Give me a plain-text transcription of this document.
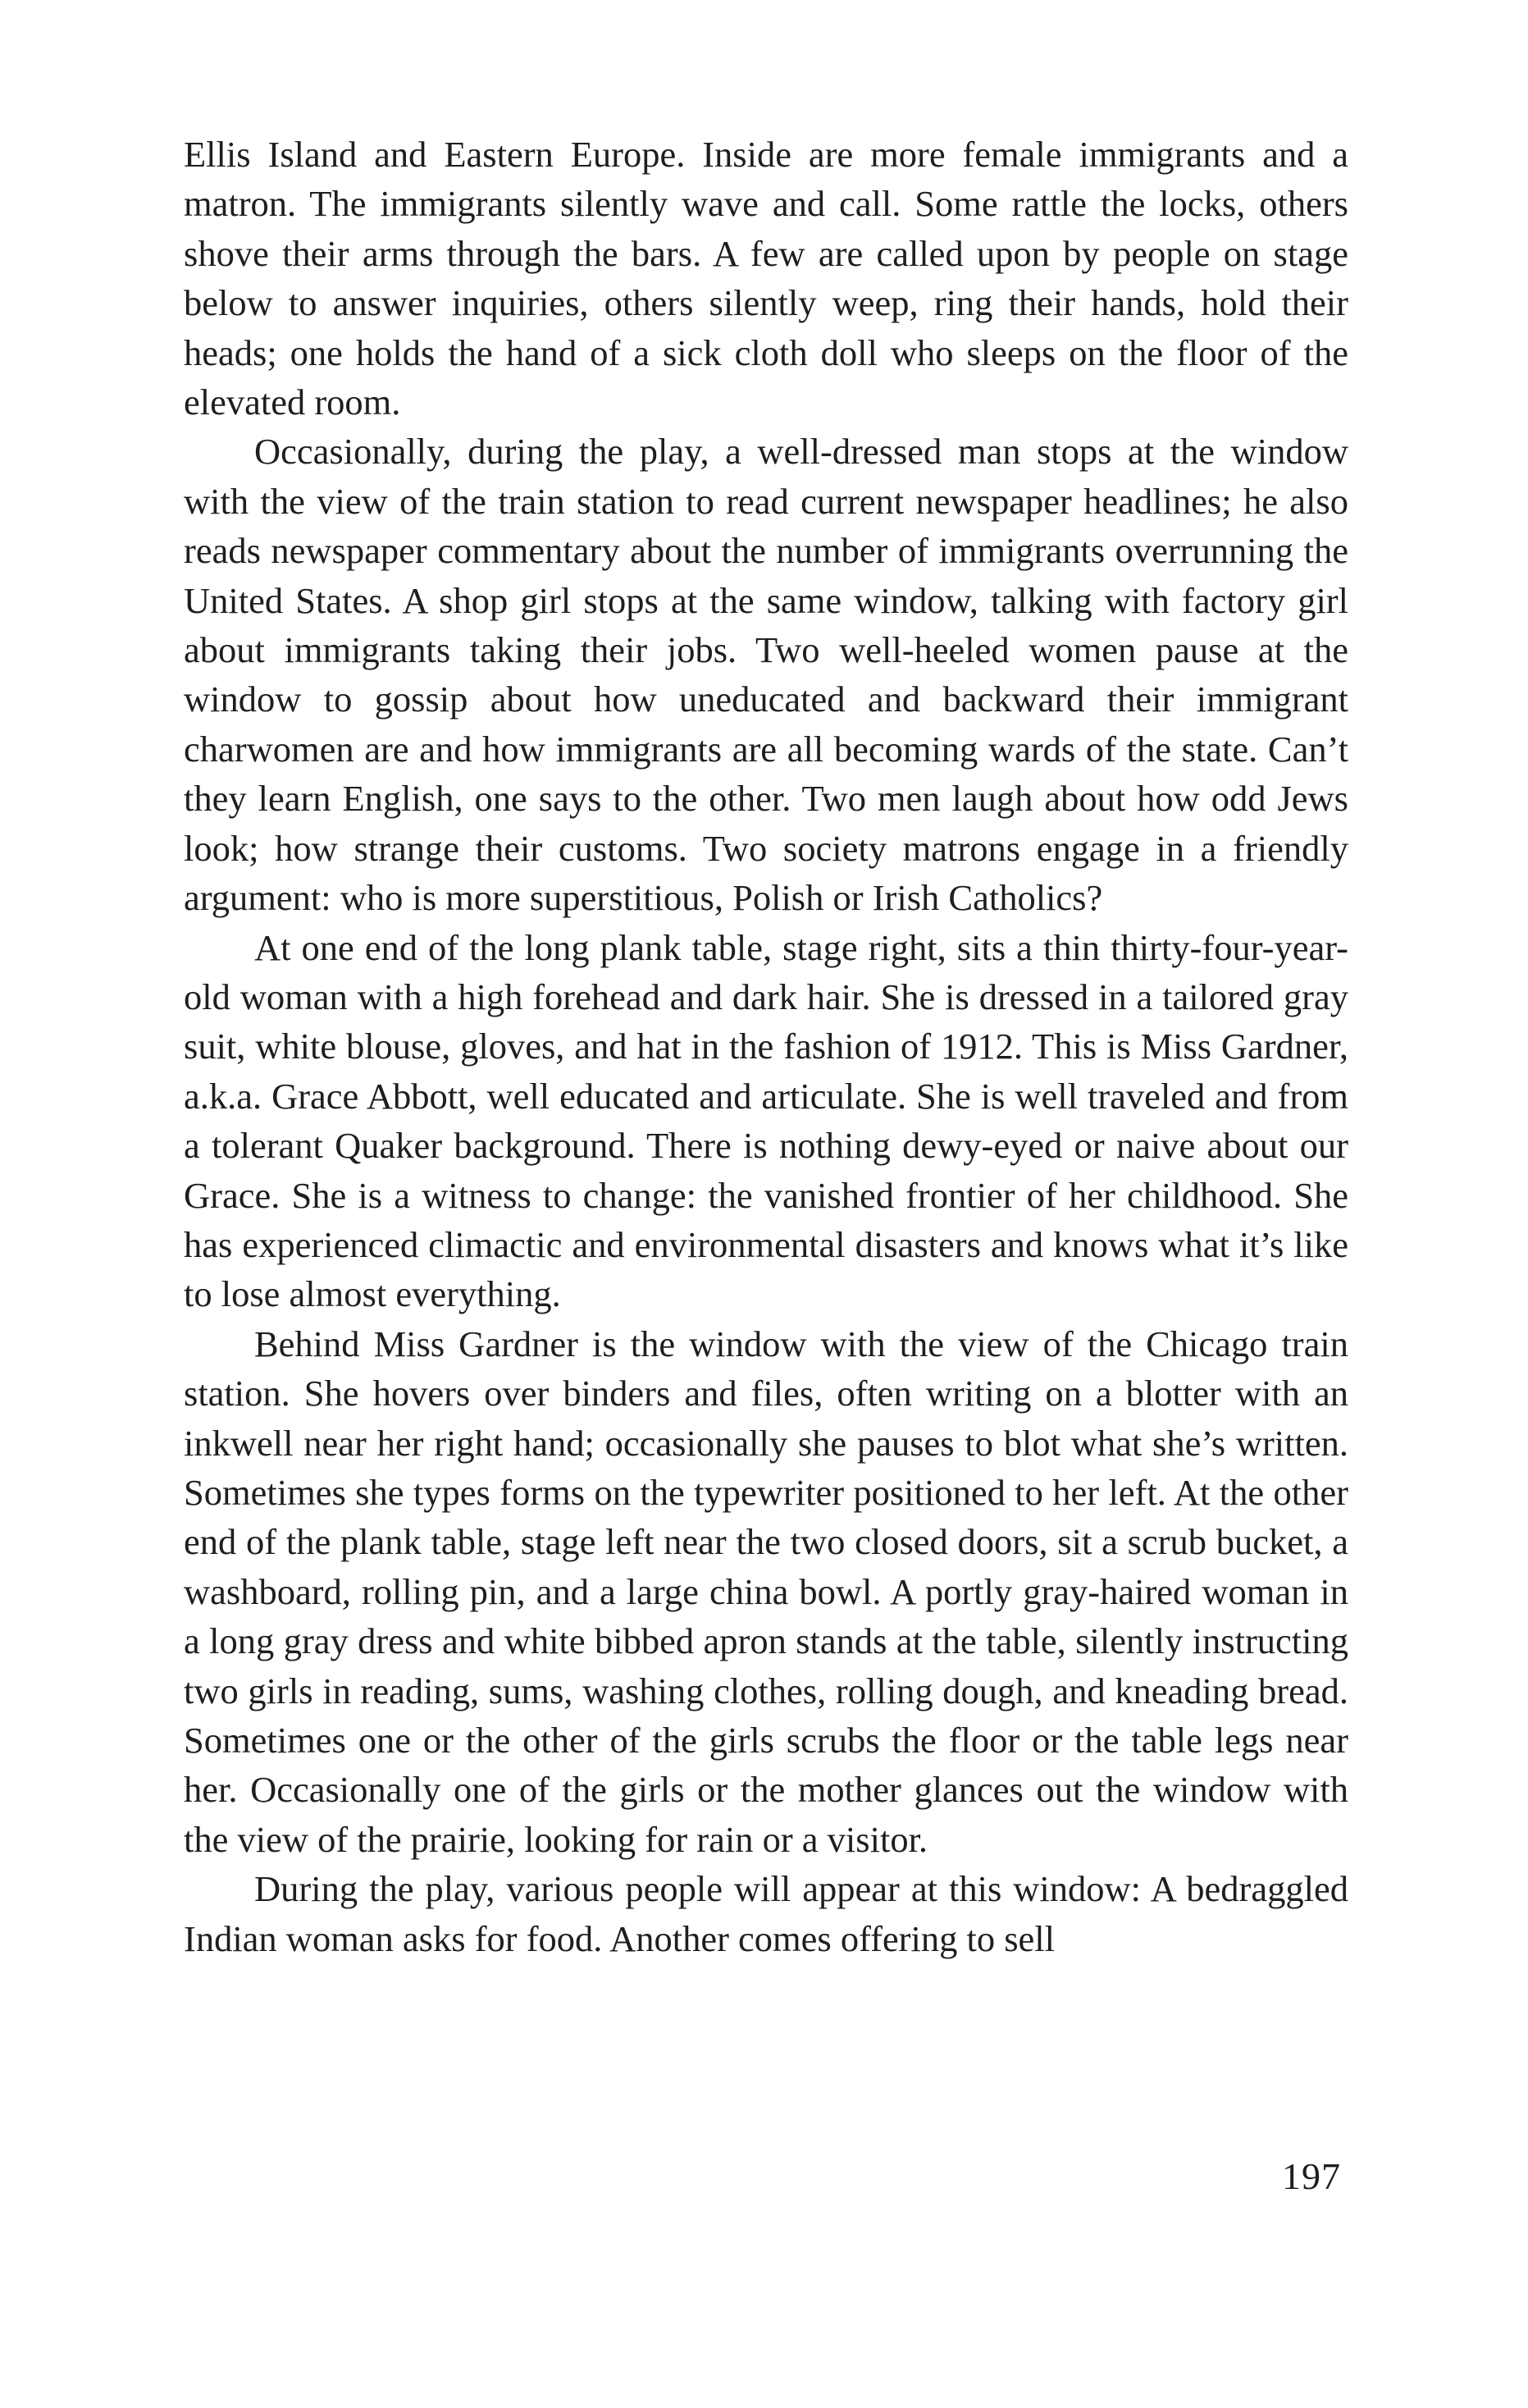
Ellis Island and Eastern Europe. Inside are more female immigrants and a matron. The immigrants silently wave and call. Some rattle the locks, others shove their arms through the bars. A few are called upon by people on stage below to answer inquiries, others silently weep, ring their hands, hold their heads; one holds the hand of a sick cloth doll who sleeps on the floor of the elevated room.

Occasionally, during the play, a well-dressed man stops at the window with the view of the train station to read current newspaper headlines; he also reads newspaper commentary about the number of immigrants overrunning the United States. A shop girl stops at the same window, talking with factory girl about immigrants taking their jobs. Two well-heeled women pause at the window to gossip about how uneducated and backward their immigrant charwomen are and how immigrants are all becoming wards of the state. Can’t they learn English, one says to the other. Two men laugh about how odd Jews look; how strange their customs. Two society matrons engage in a friendly argument: who is more superstitious, Polish or Irish Catholics?

At one end of the long plank table, stage right, sits a thin thirty-four-year-old woman with a high forehead and dark hair. She is dressed in a tailored gray suit, white blouse, gloves, and hat in the fashion of 1912. This is Miss Gardner, a.k.a. Grace Abbott, well educated and articulate. She is well traveled and from a tolerant Quaker background. There is nothing dewy-eyed or naive about our Grace. She is a witness to change: the vanished frontier of her childhood. She has experienced climactic and environmental disasters and knows what it’s like to lose almost everything.

Behind Miss Gardner is the window with the view of the Chicago train station. She hovers over binders and files, often writing on a blotter with an inkwell near her right hand; occasionally she pauses to blot what she’s written. Sometimes she types forms on the typewriter positioned to her left. At the other end of the plank table, stage left near the two closed doors, sit a scrub bucket, a washboard, rolling pin, and a large china bowl. A portly gray-haired woman in a long gray dress and white bibbed apron stands at the table, silently instructing two girls in reading, sums, washing clothes, rolling dough, and kneading bread. Sometimes one or the other of the girls scrubs the floor or the table legs near her. Occasionally one of the girls or the mother glances out the window with the view of the prairie, looking for rain or a visitor.

During the play, various people will appear at this window: A bedraggled Indian woman asks for food. Another comes offering to sell

197
